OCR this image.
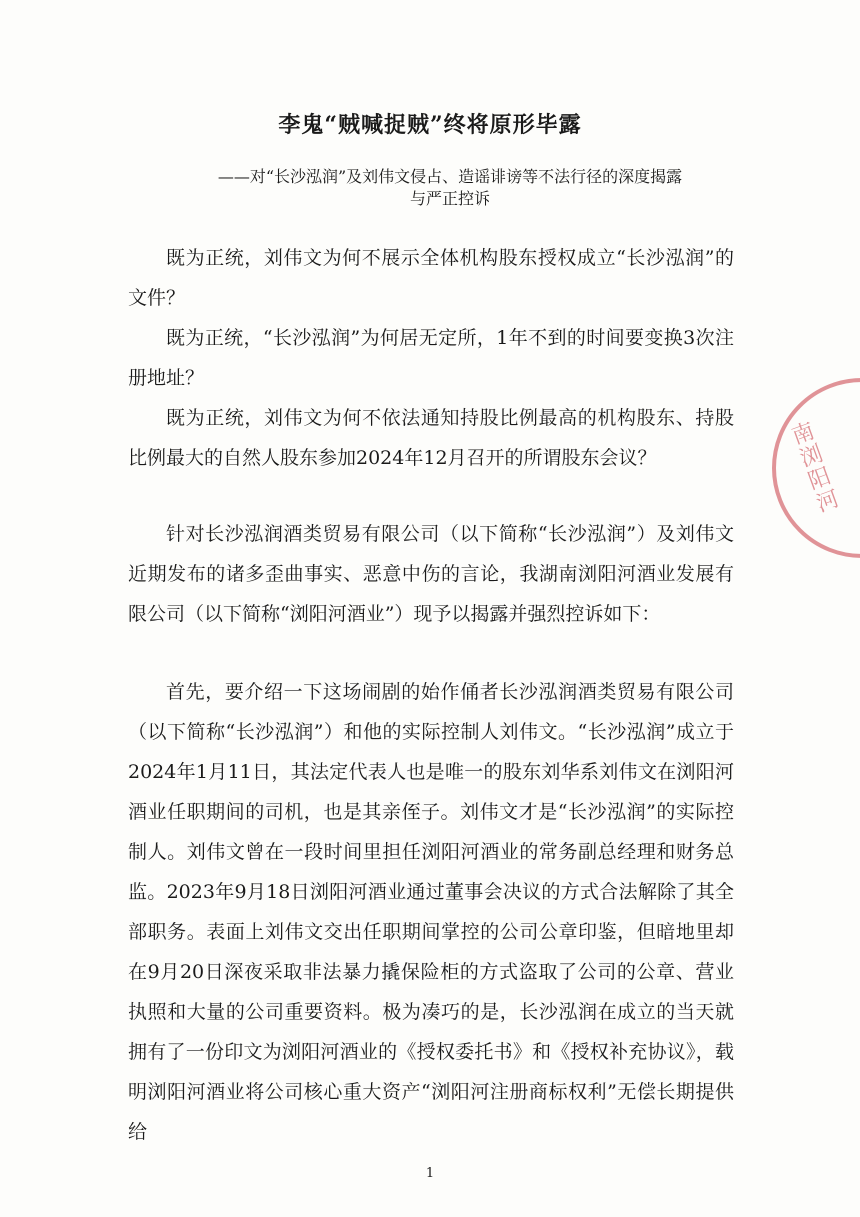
李鬼“贼喊捉贼”终将原形毕露
——对“长沙泓润”及刘伟文侵占、造谣诽谤等不法行径的深度揭露
与严正控诉

既为正统，刘伟文为何不展示全体机构股东授权成立“长沙泓润”的文件？

既为正统，“长沙泓润”为何居无定所，1年不到的时间要变换3次注册地址？

既为正统，刘伟文为何不依法通知持股比例最高的机构股东、持股比例最大的自然人股东参加2024年12月召开的所谓股东会议？

针对长沙泓润酒类贸易有限公司（以下简称“长沙泓润”）及刘伟文近期发布的诸多歪曲事实、恶意中伤的言论，我湖南浏阳河酒业发展有限公司（以下简称“浏阳河酒业”）现予以揭露并强烈控诉如下：

首先，要介绍一下这场闹剧的始作俑者长沙泓润酒类贸易有限公司（以下简称“长沙泓润”）和他的实际控制人刘伟文。“长沙泓润”成立于2024年1月11日，其法定代表人也是唯一的股东刘华系刘伟文在浏阳河酒业任职期间的司机，也是其亲侄子。刘伟文才是“长沙泓润”的实际控制人。刘伟文曾在一段时间里担任浏阳河酒业的常务副总经理和财务总监。2023年9月18日浏阳河酒业通过董事会决议的方式合法解除了其全部职务。表面上刘伟文交出任职期间掌控的公司公章印鉴，但暗地里却在9月20日深夜采取非法暴力撬保险柜的方式盗取了公司的公章、营业执照和大量的公司重要资料。极为凑巧的是，长沙泓润在成立的当天就拥有了一份印文为浏阳河酒业的《授权委托书》和《授权补充协议》，载明浏阳河酒业将公司核心重大资产“浏阳河注册商标权利”无偿长期提供给

1
南浏阳河
